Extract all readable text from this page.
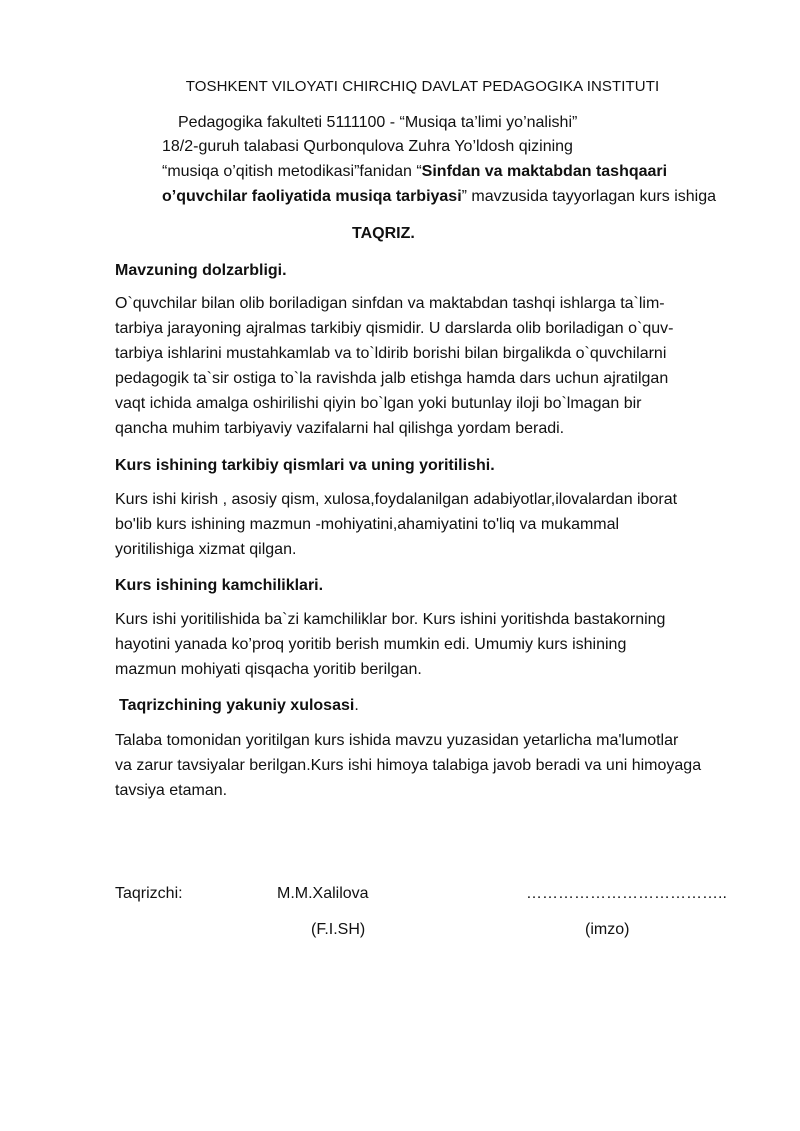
TOSHKENT VILOYATI CHIRCHIQ DAVLAT PEDAGOGIKA INSTITUTI
Pedagogika fakulteti 5111100 - “Musiqa ta’limi yo’nalishi”
18/2-guruh talabasi Qurbonqulova Zuhra Yo’ldosh qizining
“musiqa o’qitish metodikasi”fanidan “Sinfdan va maktabdan tashqaari
o’quvchilar faoliyatida musiqa tarbiyasi” mavzusida tayyorlagan kurs ishiga
TAQRIZ.
Mavzuning dolzarbligi.
O`quvchilar bilan olib boriladigan sinfdan va maktabdan tashqi ishlarga ta`lim-
tarbiya jarayoning ajralmas tarkibiy qismidir. U darslarda olib boriladigan o`quv-
tarbiya ishlarini mustahkamlab va to`ldirib borishi bilan birgalikda o`quvchilarni
pedagogik ta`sir ostiga to`la ravishda jalb etishga hamda dars uchun ajratilgan
vaqt ichida amalga oshirilishi qiyin bo`lgan yoki butunlay iloji bo`lmagan bir
qancha muhim tarbiyaviy vazifalarni hal qilishga yordam beradi.
Kurs ishining tarkibiy qismlari va uning yoritilishi.
Kurs ishi kirish , asosiy qism, xulosa,foydalanilgan adabiyotlar,ilovalardan iborat
bo'lib kurs ishining mazmun -mohiyatini,ahamiyatini to'liq va mukammal
yoritilishiga xizmat qilgan.
Kurs ishining kamchiliklari.
Kurs ishi yoritilishida ba`zi kamchiliklar bor. Kurs ishini yoritishda bastakorning
hayotini yanada ko’proq yoritib berish mumkin edi. Umumiy kurs ishining
mazmun mohiyati qisqacha yoritib berilgan.
Taqrizchining yakuniy xulosasi.
Talaba tomonidan yoritilgan kurs ishida mavzu yuzasidan yetarlicha ma'lumotlar
va zarur tavsiyalar berilgan.Kurs ishi himoya talabiga javob beradi va uni himoyaga
tavsiya etaman.
Taqrizchi:	M.M.Xalilova	………………………………..
(F.I.SH)	(imzo)
